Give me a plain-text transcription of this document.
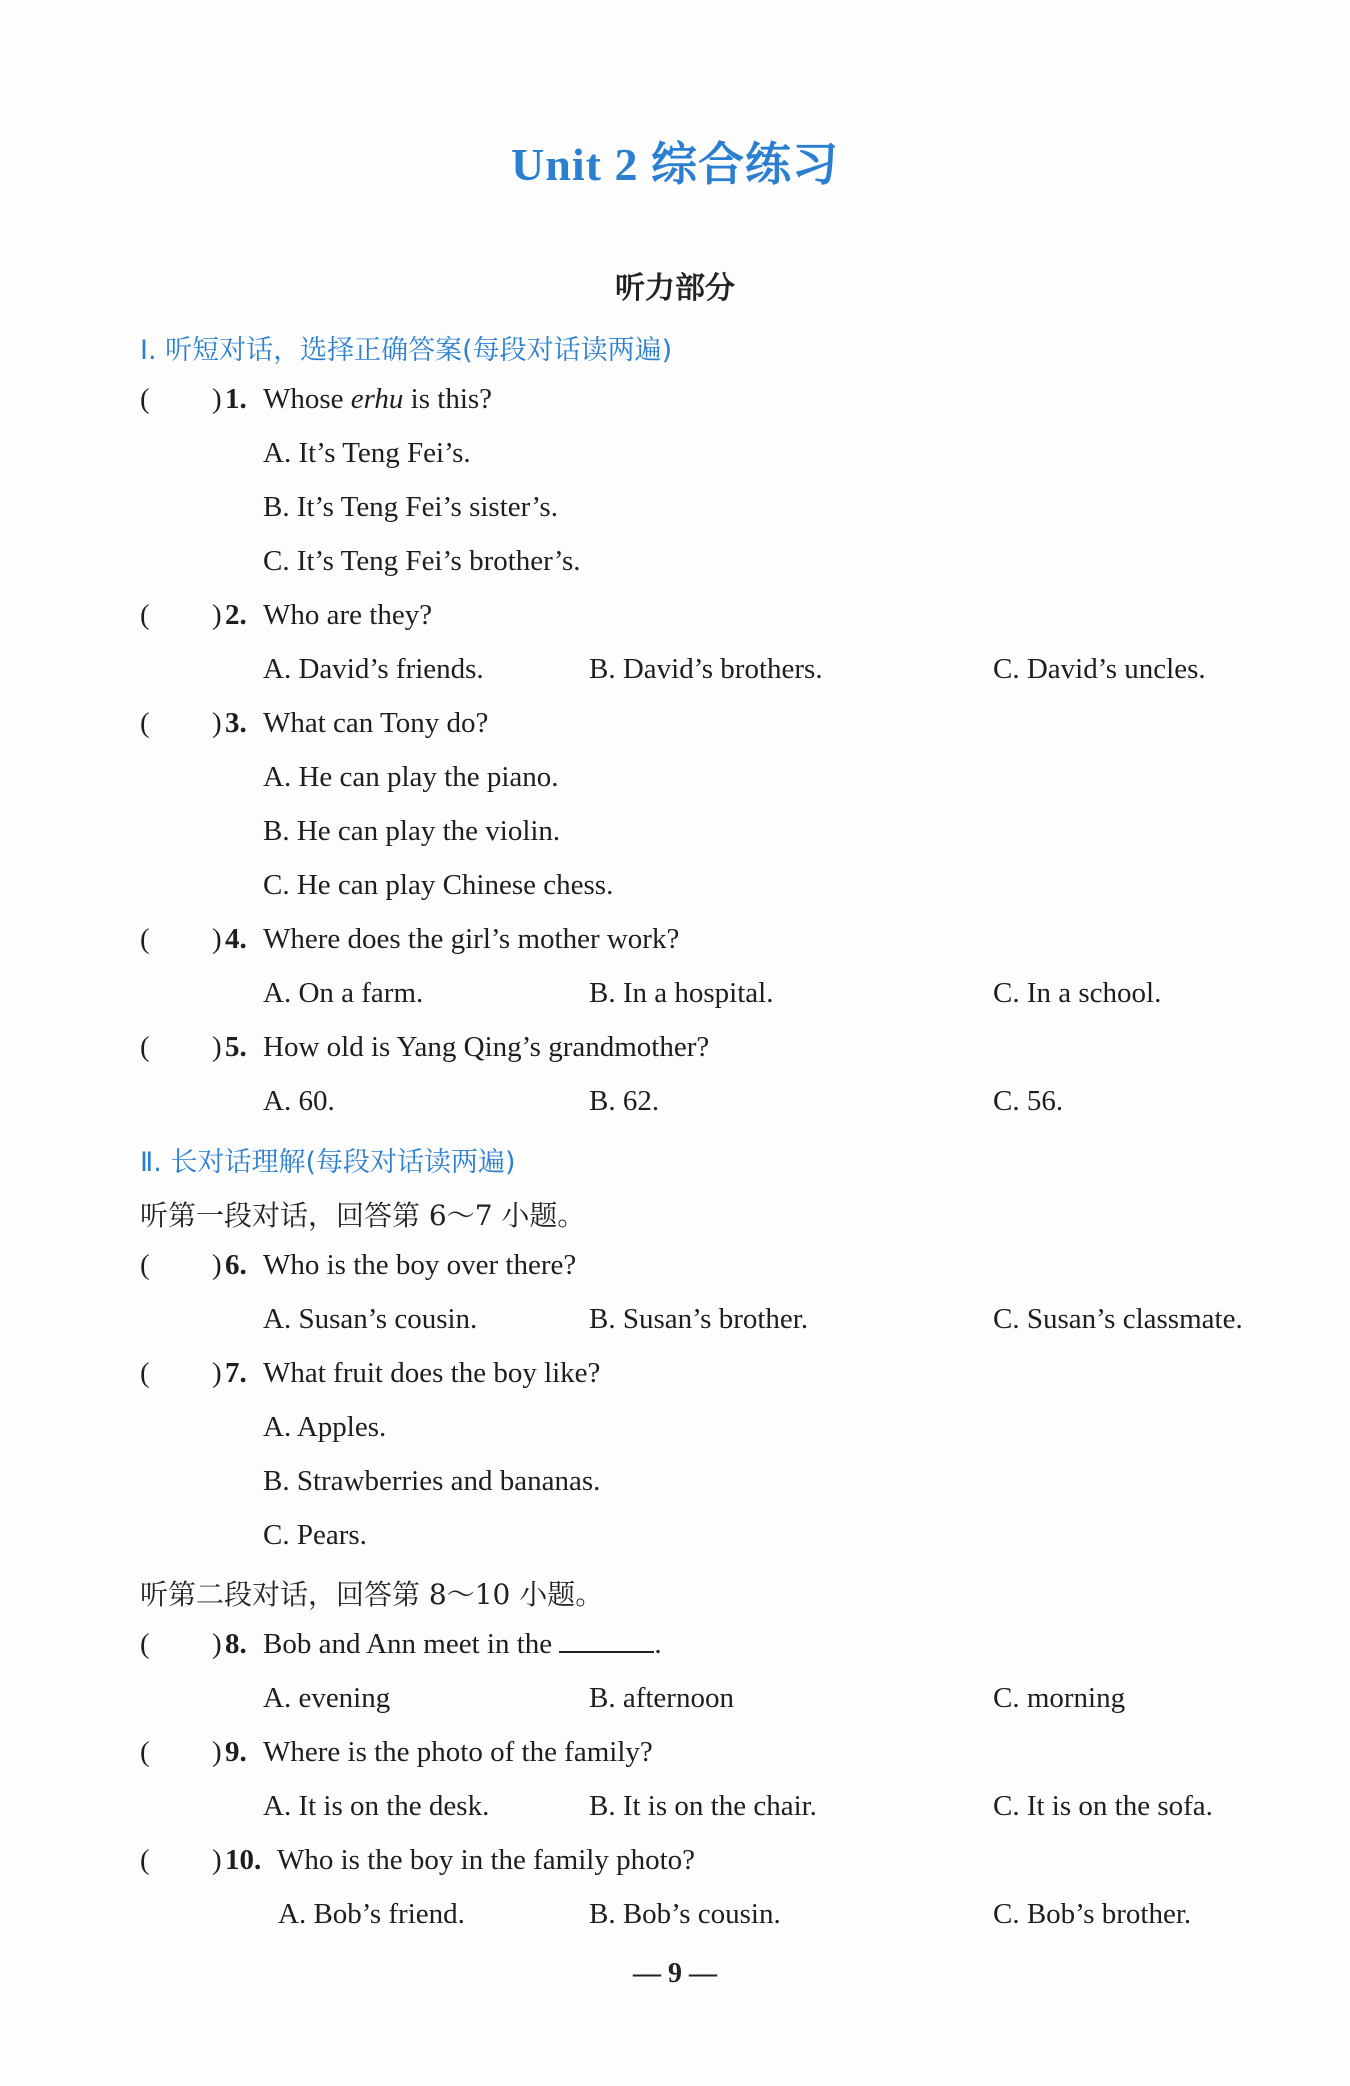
Unit 2 综合练习
听力部分
Ⅰ. 听短对话，选择正确答案(每段对话读两遍)
( ) 1. Whose erhu is this?
A. It’s Teng Fei’s.
B. It’s Teng Fei’s sister’s.
C. It’s Teng Fei’s brother’s.
( ) 2. Who are they?
A. David’s friends.	B. David’s brothers.	C. David’s uncles.
( ) 3. What can Tony do?
A. He can play the piano.
B. He can play the violin.
C. He can play Chinese chess.
( ) 4. Where does the girl’s mother work?
A. On a farm.	B. In a hospital.	C. In a school.
( ) 5. How old is Yang Qing’s grandmother?
A. 60.	B. 62.	C. 56.
Ⅱ. 长对话理解(每段对话读两遍)
听第一段对话，回答第 6～7 小题。
( ) 6. Who is the boy over there?
A. Susan’s cousin.	B. Susan’s brother.	C. Susan’s classmate.
( ) 7. What fruit does the boy like?
A. Apples.
B. Strawberries and bananas.
C. Pears.
听第二段对话，回答第 8～10 小题。
( ) 8. Bob and Ann meet in the	.
A. evening	B. afternoon	C. morning
( ) 9. Where is the photo of the family?
A. It is on the desk.	B. It is on the chair.	C. It is on the sofa.
( ) 10. Who is the boy in the family photo?
A. Bob’s friend.	B. Bob’s cousin.	C. Bob’s brother.
— 9 —
